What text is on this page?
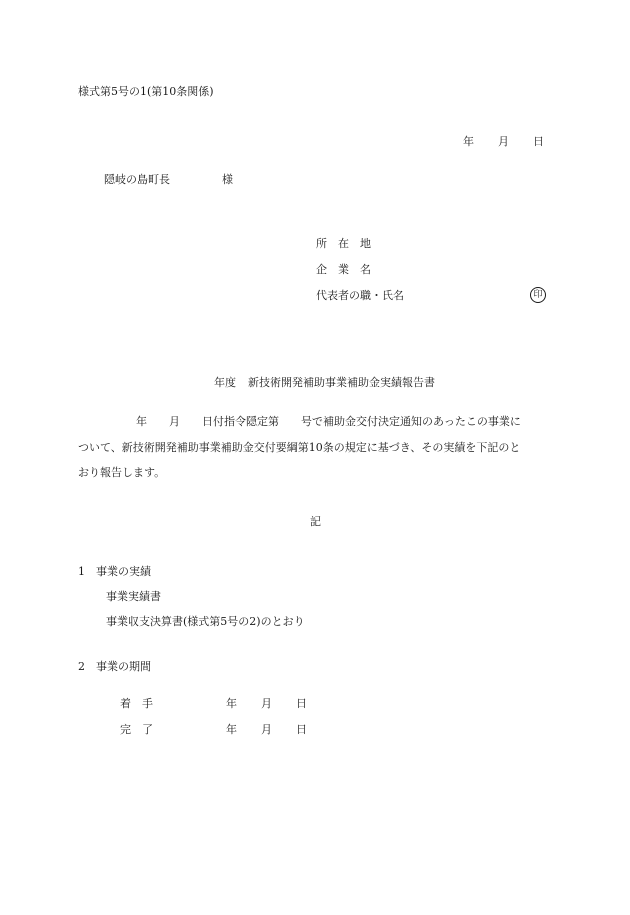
様式第5号の1(第10条関係)

年 月 日

隠岐の島町長	様

所　在　地
企　業　名
代表者の職・氏名	印

年度 新技術開発補助事業補助金実績報告書

年　　月　　日付指令隠定第　　号で補助金交付決定通知のあったこの事業に
ついて、新技術開発補助事業補助金交付要綱第10条の規定に基づき、その実績を下記のと
おり報告します。
記
1　事業の実績
事業実績書
事業収支決算書(様式第5号の2)のとおり
2　事業の期間

着　手	年 月 日

完　了	年 月 日
